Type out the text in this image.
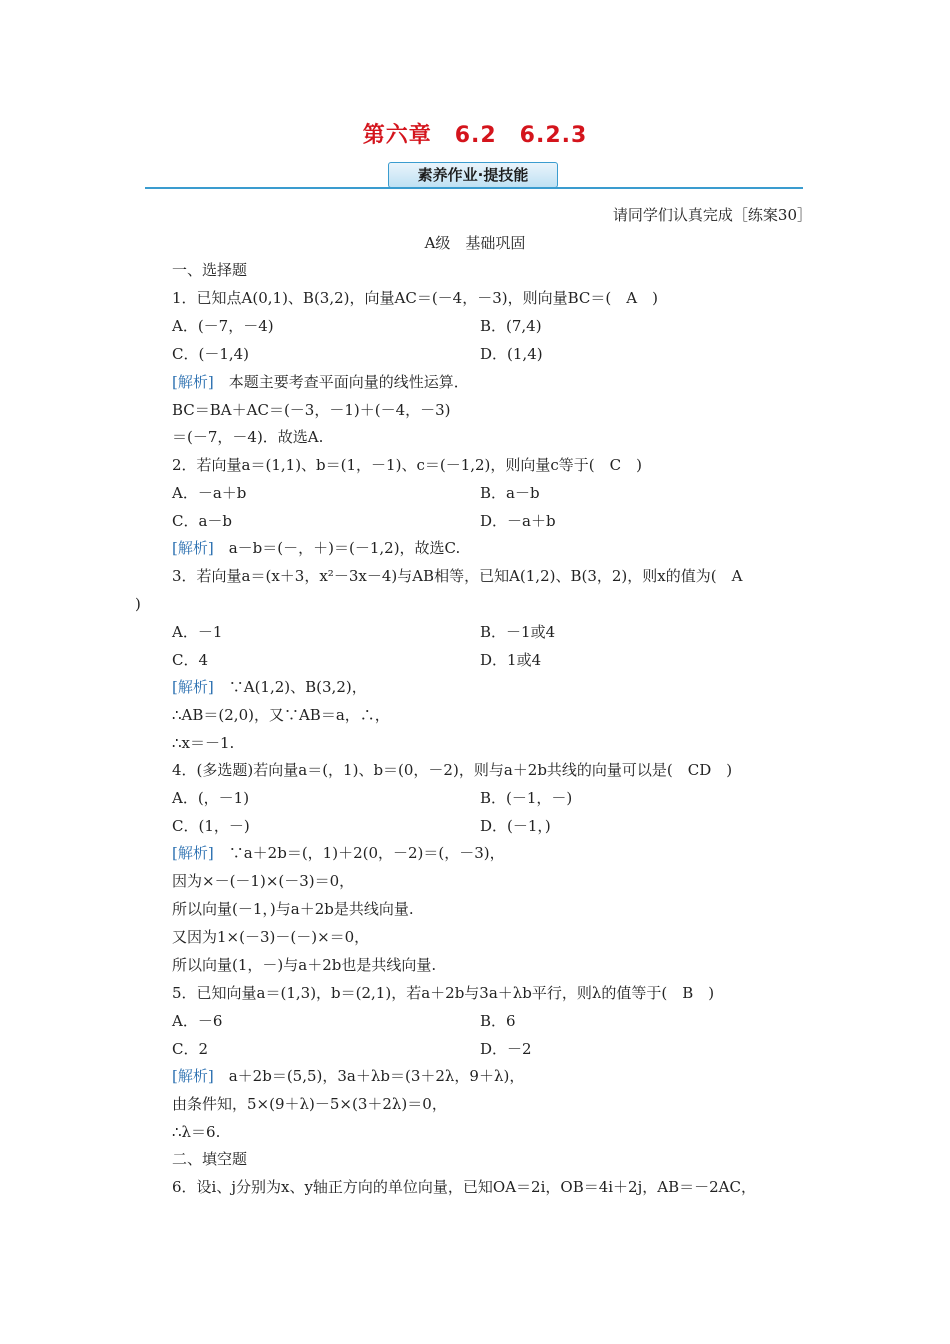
第六章　6.2　6.2.3
素养作业·提技能
请同学们认真完成［练案30］
A级　基础巩固
一、选择题
1．已知点A(0,1)、B(3,2)，向量AC＝(－4，－3)，则向量BC＝(　A　)
A．(－7，－4)	B．(7,4)
C．(－1,4)	D．(1,4)
[解析]　 本题主要考查平面向量的线性运算．
BC＝BA＋AC＝(－3，－1)＋(－4，－3)
＝(－7，－4)．故选A.
2．若向量a＝(1,1)、b＝(1，－1)、c＝(－1,2)，则向量c等于(　C　)
A．－a＋b	B．a－b
C．a－b	D．－a＋b
[解析]　 a－b＝(－，＋)＝(－1,2)，故选C.
3．若向量a＝(x＋3，x²－3x－4)与AB相等，已知A(1,2)、B(3，2)，则x的值为(　A
)
A．－1	B．－1或4
C．4	D．1或4
[解析]　 ∵A(1,2)、B(3,2)，
∴AB＝(2,0)，又∵AB＝a，∴，
∴x＝－1.
4．(多选题)若向量a＝(，1)、b＝(0，－2)，则与a＋2b共线的向量可以是(　CD　)
A．(，－1)	B．(－1，－)
C．(1，－)	D．(－1，)
[解析]　 ∵a＋2b＝(，1)＋2(0，－2)＝(，－3)，
因为×－(－1)×(－3)＝0，
所以向量(－1，)与a＋2b是共线向量.
又因为1×(－3)－(－)×＝0，
所以向量(1，－)与a＋2b也是共线向量.
5．已知向量a＝(1,3)，b＝(2,1)，若a＋2b与3a＋λb平行，则λ的值等于(　B　)
A．－6	B．6
C．2	D．－2
[解析]　 a＋2b＝(5,5)，3a＋λb＝(3＋2λ，9＋λ)，
由条件知，5×(9＋λ)－5×(3＋2λ)＝0，
∴λ＝6.
二、填空题
6．设i、j分别为x、y轴正方向的单位向量，已知OA＝2i，OB＝4i＋2j，AB＝－2AC，
